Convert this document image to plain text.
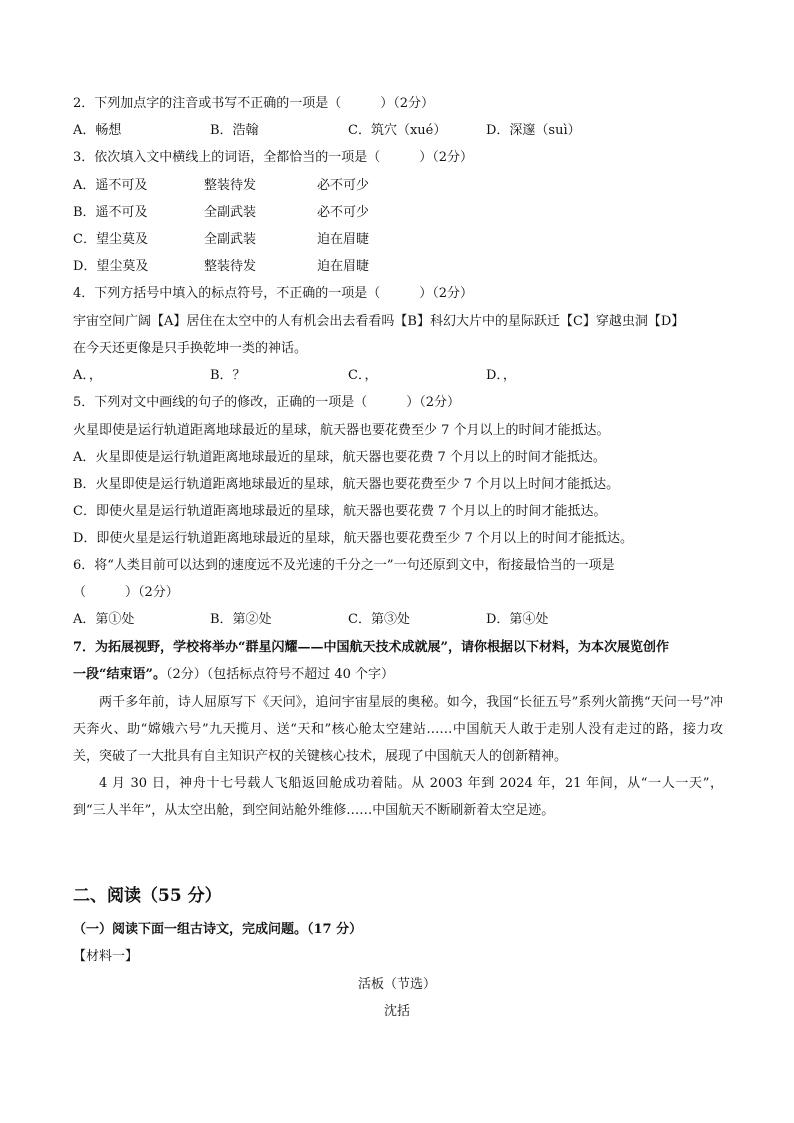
2．下列加点字的注音或书写不正确的一项是（　　　）（2分）
A．畅想	B．浩翰	C．筑穴（xué）	D．深邃（suì）
3．依次填入文中横线上的词语，全都恰当的一项是（　　　）（2分）
A．遥不可及	整装待发	必不可少
B．遥不可及	全副武装	必不可少
C．望尘莫及	全副武装	迫在眉睫
D．望尘莫及	整装待发	迫在眉睫
4．下列方括号中填入的标点符号，不正确的一项是（　　　）（2分）
宇宙空间广阔【A】居住在太空中的人有机会出去看看吗【B】科幻大片中的星际跃迁【C】穿越虫洞【D】
在今天还更像是只手换乾坤一类的神话。
A．，	B．？	C．，	D．，
5．下列对文中画线的句子的修改，正确的一项是（　　　）（2分）
火星即使是运行轨道距离地球最近的星球，航天器也要花费至少 7 个月以上的时间才能抵达。
A．火星即使是运行轨道距离地球最近的星球，航天器也要花费 7 个月以上的时间才能抵达。
B．火星即使是运行轨道距离地球最近的星球，航天器也要花费至少 7 个月以上时间才能抵达。
C．即使火星是运行轨道距离地球最近的星球，航天器也要花费 7 个月以上的时间才能抵达。
D．即使火星是运行轨道距离地球最近的星球，航天器也要花费至少 7 个月以上的时间才能抵达。
6．将“人类目前可以达到的速度远不及光速的千分之一”一句还原到文中，衔接最恰当的一项是
（　　　）（2分）
A．第①处	B．第②处	C．第③处	D．第④处
7．为拓展视野，学校将举办“群星闪耀——中国航天技术成就展”，请你根据以下材料，为本次展览创作
一段“结束语”。（2分）（包括标点符号不超过 40 个字）
两千多年前，诗人屈原写下《天问》，追问宇宙星辰的奥秘。如今，我国“长征五号”系列火箭携“天问一号”冲天奔火、助“嫦娥六号”九天揽月、送“天和”核心舱太空建站……中国航天人敢于走别人没有走过的路，接力攻关，突破了一大批具有自主知识产权的关键核心技术，展现了中国航天人的创新精神。
4 月 30 日，神舟十七号载人飞船返回舱成功着陆。从 2003 年到 2024 年，21 年间，从“一人一天”，到“三人半年”，从太空出舱，到空间站舱外维修……中国航天不断刷新着太空足迹。
二、阅读（55 分）
（一）阅读下面一组古诗文，完成问题。（17 分）
【材料一】
活板（节选）
沈括
